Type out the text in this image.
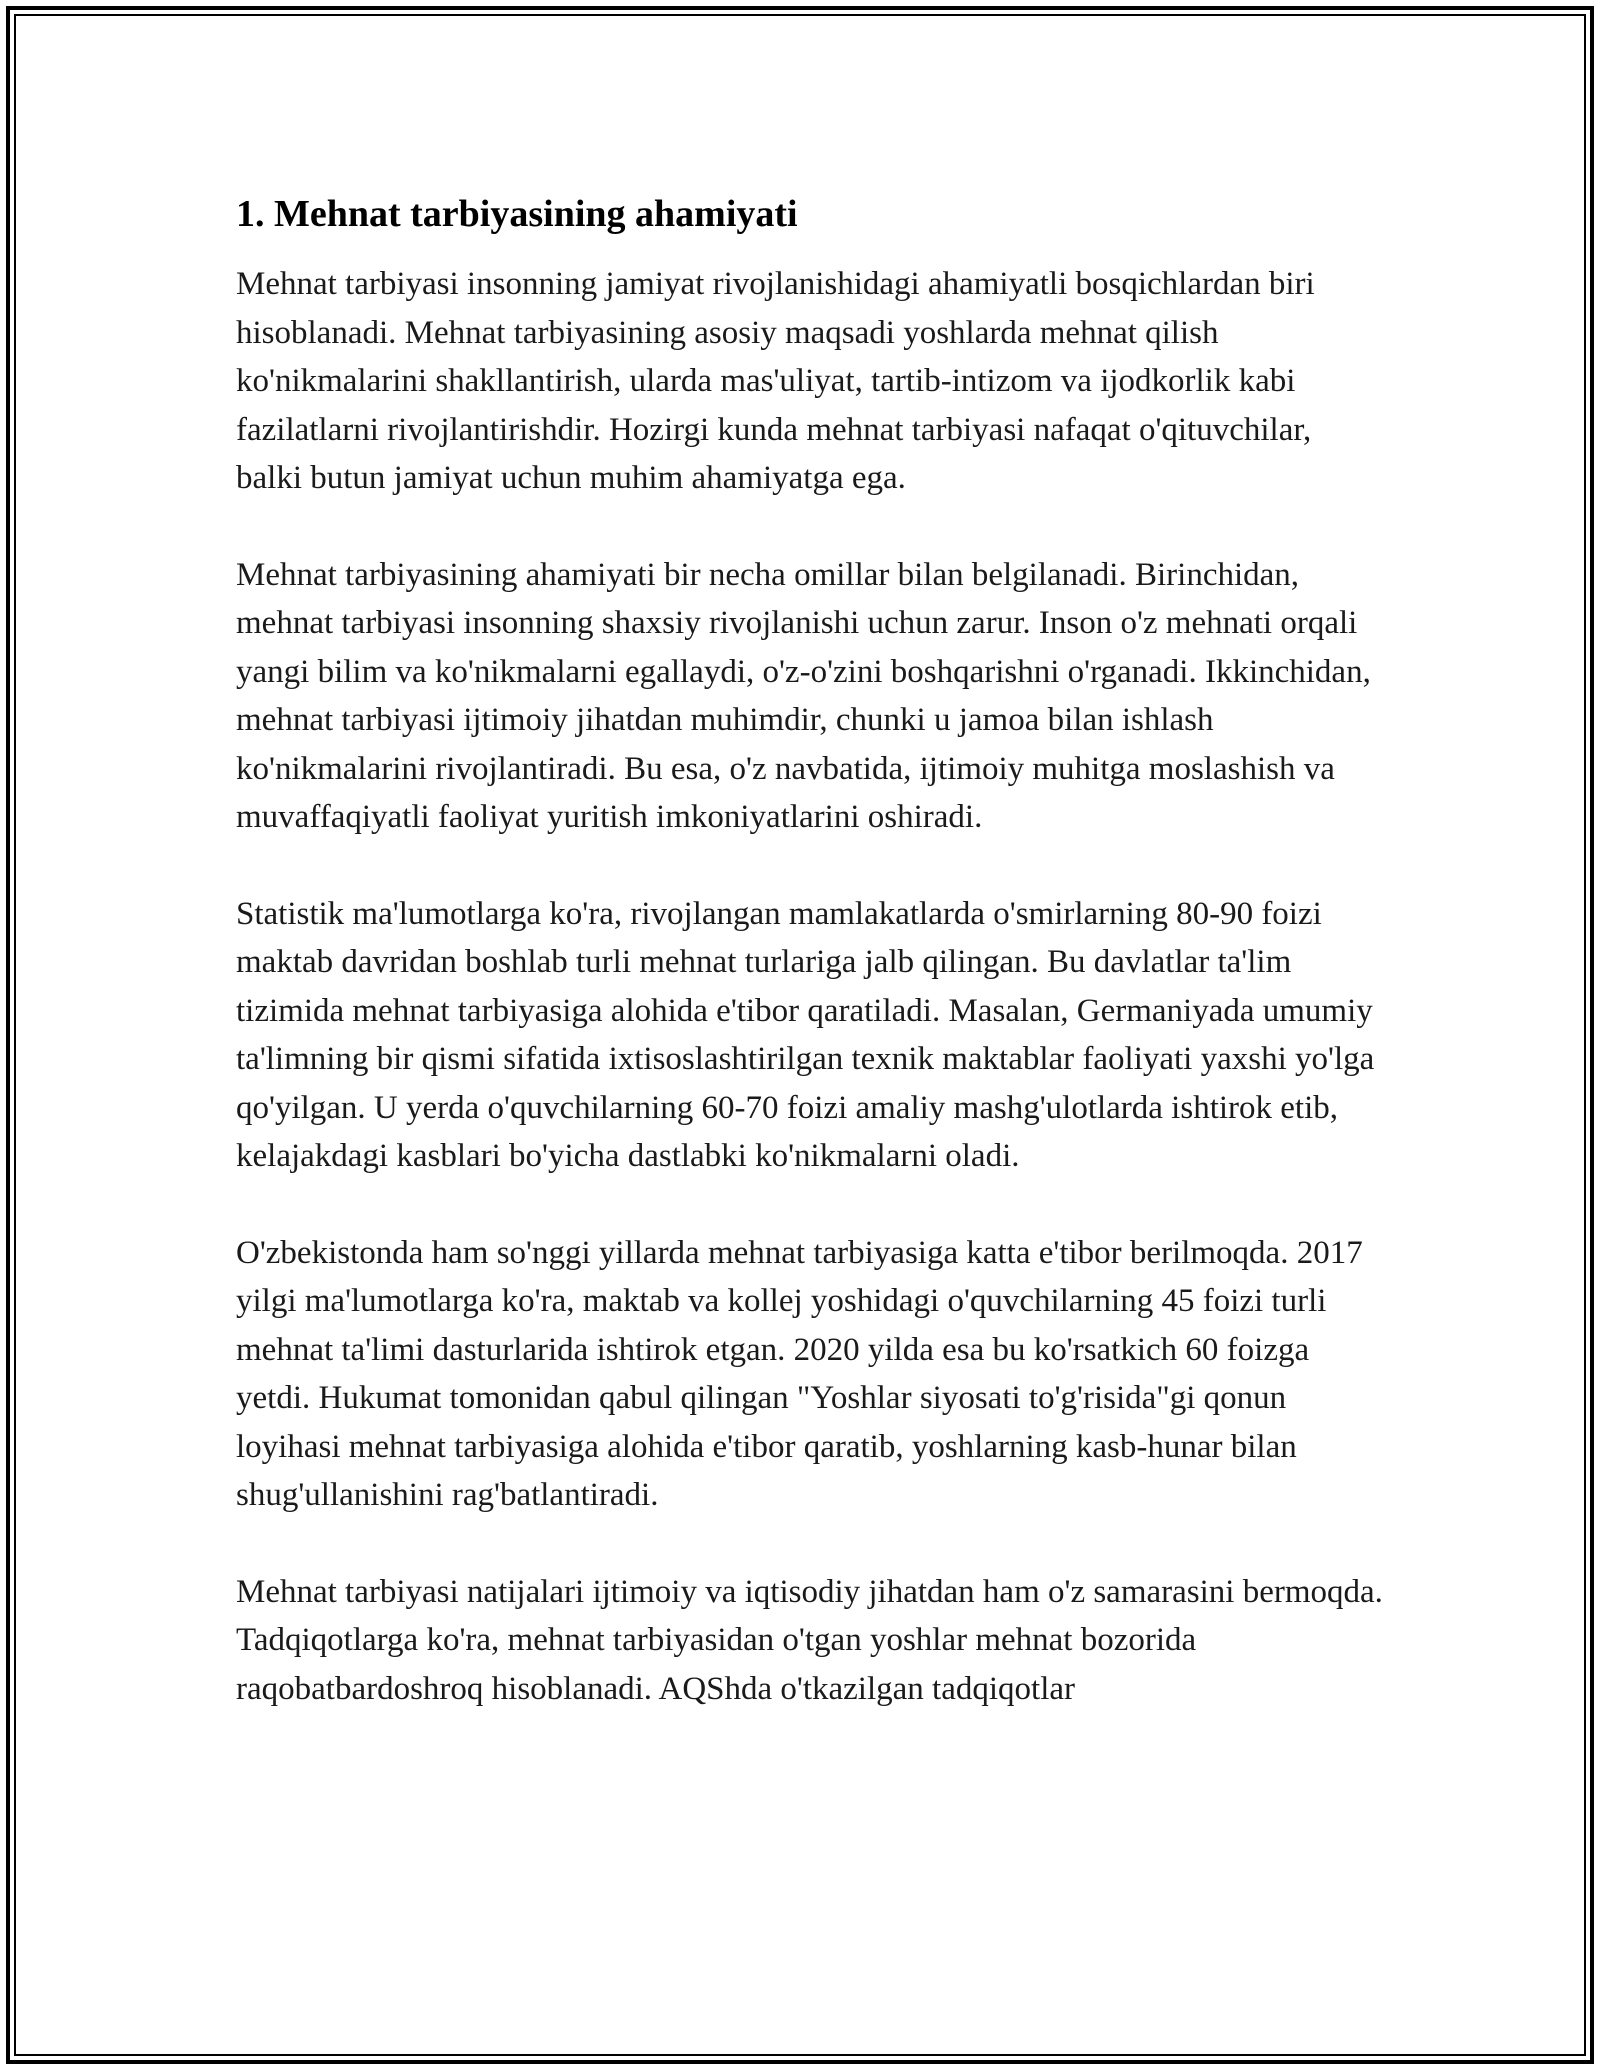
1. Mehnat tarbiyasining ahamiyati

Mehnat tarbiyasi insonning jamiyat rivojlanishidagi ahamiyatli bosqichlardan biri hisoblanadi. Mehnat tarbiyasining asosiy maqsadi yoshlarda mehnat qilish ko'nikmalarini shakllantirish, ularda mas'uliyat, tartib-intizom va ijodkorlik kabi fazilatlarni rivojlantirishdir. Hozirgi kunda mehnat tarbiyasi nafaqat o'qituvchilar, balki butun jamiyat uchun muhim ahamiyatga ega.

Mehnat tarbiyasining ahamiyati bir necha omillar bilan belgilanadi. Birinchidan, mehnat tarbiyasi insonning shaxsiy rivojlanishi uchun zarur. Inson o'z mehnati orqali yangi bilim va ko'nikmalarni egallaydi, o'z-o'zini boshqarishni o'rganadi. Ikkinchidan, mehnat tarbiyasi ijtimoiy jihatdan muhimdir, chunki u jamoa bilan ishlash ko'nikmalarini rivojlantiradi. Bu esa, o'z navbatida, ijtimoiy muhitga moslashish va muvaffaqiyatli faoliyat yuritish imkoniyatlarini oshiradi.

Statistik ma'lumotlarga ko'ra, rivojlangan mamlakatlarda o'smirlarning 80-90 foizi maktab davridan boshlab turli mehnat turlariga jalb qilingan. Bu davlatlar ta'lim tizimida mehnat tarbiyasiga alohida e'tibor qaratiladi. Masalan, Germaniyada umumiy ta'limning bir qismi sifatida ixtisoslashtirilgan texnik maktablar faoliyati yaxshi yo'lga qo'yilgan. U yerda o'quvchilarning 60-70 foizi amaliy mashg'ulotlarda ishtirok etib, kelajakdagi kasblari bo'yicha dastlabki ko'nikmalarni oladi.

O'zbekistonda ham so'nggi yillarda mehnat tarbiyasiga katta e'tibor berilmoqda. 2017 yilgi ma'lumotlarga ko'ra, maktab va kollej yoshidagi o'quvchilarning 45 foizi turli mehnat ta'limi dasturlarida ishtirok etgan. 2020 yilda esa bu ko'rsatkich 60 foizga yetdi. Hukumat tomonidan qabul qilingan "Yoshlar siyosati to'g'risida"gi qonun loyihasi mehnat tarbiyasiga alohida e'tibor qaratib, yoshlarning kasb-hunar bilan shug'ullanishini rag'batlantiradi.

Mehnat tarbiyasi natijalari ijtimoiy va iqtisodiy jihatdan ham o'z samarasini bermoqda. Tadqiqotlarga ko'ra, mehnat tarbiyasidan o'tgan yoshlar mehnat bozorida raqobatbardoshroq hisoblanadi. AQShda o'tkazilgan tadqiqotlar
